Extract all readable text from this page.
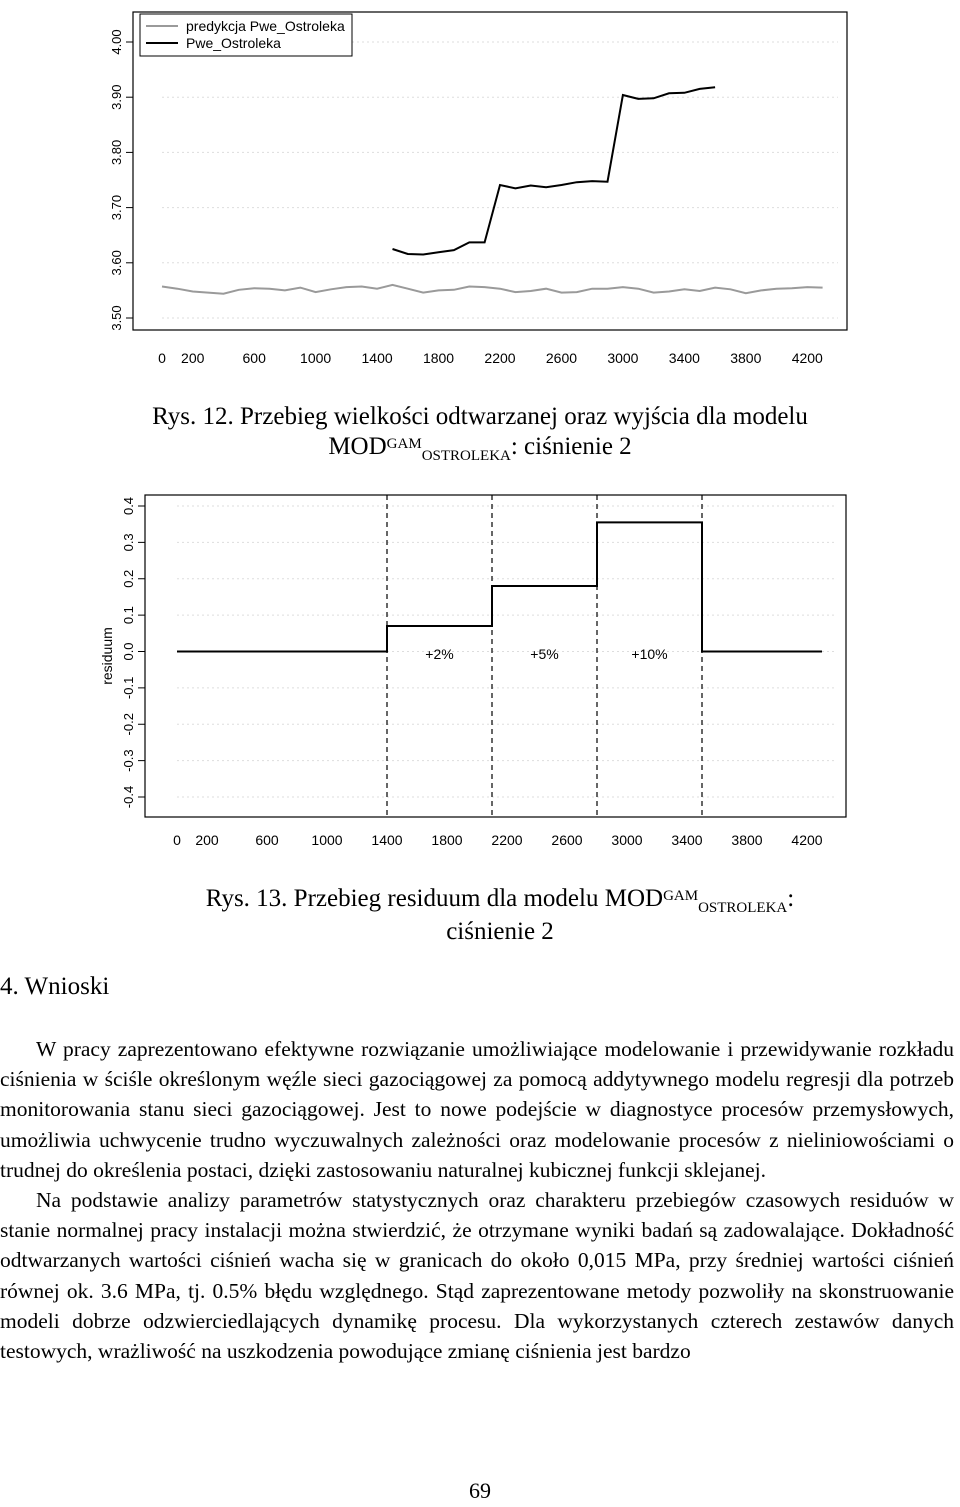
3.50
3.60
3.70
3.80
3.90
4.00
0 200	600 1000 1400 1800 2200 2600 3000 3400 3800 4200
predykcja Pwe_Ostroleka
Pwe_Ostroleka
Rys. 12. Przebieg wielkości odtwarzanej oraz wyjścia dla modelu
$MOD^{GAM}_{OSTROLEKA}$: ciśnienie 2
residuum
-0.4
-0.3
-0.2
-0.1
0.0
0.1
0.2
0.3
0.4
0 200	600 1000 1400 1800 2200 2600 3000 3400 3800 4200
+2%	+5%	+10%
Rys. 13. Przebieg residuum dla modelu $MOD^{GAM}_{OSTROLEKA}$:
ciśnienie 2
4. Wnioski

W pracy zaprezentowano efektywne rozwiązanie umożliwiające modelowanie i przewidywanie rozkładu ciśnienia w ściśle określonym węźle sieci gazociągowej za pomocą addytywnego modelu regresji dla potrzeb monitorowania stanu sieci gazociągowej. Jest to nowe podejście w diagnostyce procesów przemysłowych, umożliwia uchwycenie trudno wyczuwalnych zależności oraz modelowanie procesów z nieliniowościami o trudnej do określenia postaci, dzięki zastosowaniu naturalnej kubicznej funkcji sklejanej.

Na podstawie analizy parametrów statystycznych oraz charakteru przebiegów czasowych residuów w stanie normalnej pracy instalacji można stwierdzić, że otrzymane wyniki badań są zadowalające. Dokładność odtwarzanych wartości ciśnień wacha się w granicach do około 0,015 MPa, przy średniej wartości ciśnień równej ok. 3.6 MPa, tj. 0.5% błędu względnego. Stąd zaprezentowane metody pozwoliły na skonstruowanie modeli dobrze odzwierciedlających dynamikę procesu. Dla wykorzystanych czterech zestawów danych testowych, wrażliwość na uszkodzenia powodujące zmianę ciśnienia jest bardzo

69
